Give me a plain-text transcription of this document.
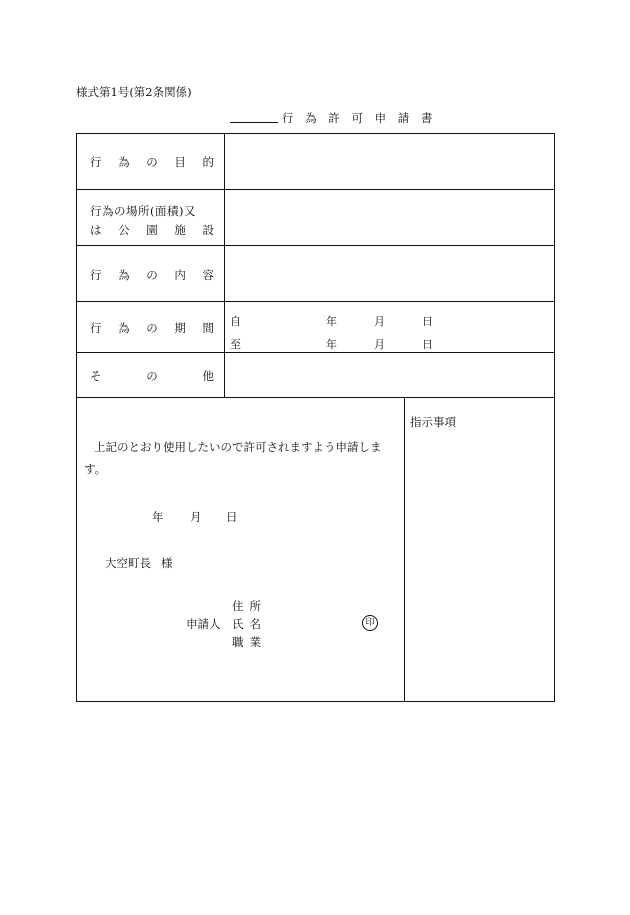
様式第1号(第2条関係)
行 為 許 可 申 請 書
行 為 の 目 的
行為の場所(面積)又
は 公 園 施 設
行 為 の 内 容
行 為 の 期 間 自	年	月	日
至	年	月	日
そ	の	他
上記のとおり使用したいので許可されますよう申請します。
年 月 日
大空町長 様
申請人
住所
氏名
職業
印
指示事項
